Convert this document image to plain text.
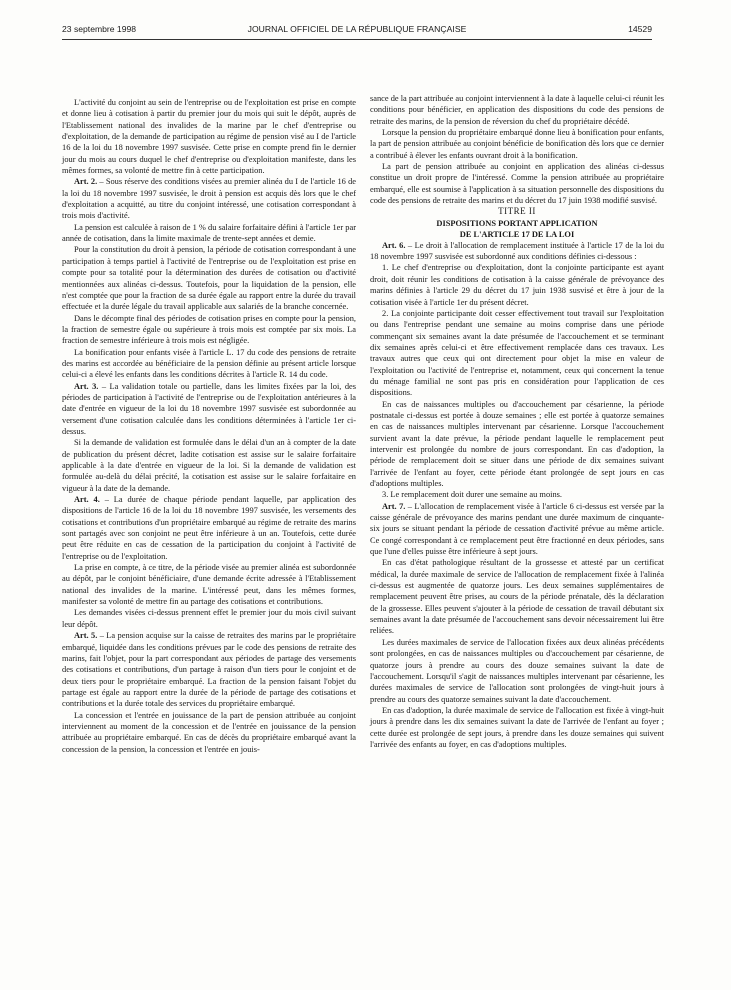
23 septembre 1998	JOURNAL OFFICIEL DE LA RÉPUBLIQUE FRANÇAISE	14529

L'activité du conjoint au sein de l'entreprise ou de l'exploitation est prise en compte et donne lieu à cotisation à partir du premier jour du mois qui suit le dépôt, auprès de l'Etablissement national des invalides de la marine par le chef d'entreprise ou d'exploitation, de la demande de participation au régime de pension visé au I de l'article 16 de la loi du 18 novembre 1997 susvisée. Cette prise en compte prend fin le dernier jour du mois au cours duquel le chef d'entreprise ou d'exploitation manifeste, dans les mêmes formes, sa volonté de mettre fin à cette participation.

Art. 2. – Sous réserve des conditions visées au premier alinéa du I de l'article 16 de la loi du 18 novembre 1997 susvisée, le droit à pension est acquis dès lors que le chef d'exploitation a acquitté, au titre du conjoint intéressé, une cotisation correspondant à trois mois d'activité.

La pension est calculée à raison de 1 % du salaire forfaitaire défini à l'article 1er par année de cotisation, dans la limite maximale de trente-sept années et demie.

Pour la constitution du droit à pension, la période de cotisation correspondant à une participation à temps partiel à l'activité de l'entreprise ou de l'exploitation est prise en compte pour sa totalité pour la détermination des durées de cotisation ou d'activité mentionnées aux alinéas ci-dessus. Toutefois, pour la liquidation de la pension, elle n'est comptée que pour la fraction de sa durée égale au rapport entre la durée du travail effectuée et la durée légale du travail applicable aux salariés de la branche concernée.

Dans le décompte final des périodes de cotisation prises en compte pour la pension, la fraction de semestre égale ou supérieure à trois mois est comptée par six mois. La fraction de semestre inférieure à trois mois est négligée.

La bonification pour enfants visée à l'article L. 17 du code des pensions de retraite des marins est accordée au bénéficiaire de la pension définie au présent article lorsque celui-ci a élevé les enfants dans les conditions décrites à l'article R. 14 du code.

Art. 3. – La validation totale ou partielle, dans les limites fixées par la loi, des périodes de participation à l'activité de l'entreprise ou de l'exploitation antérieures à la date d'entrée en vigueur de la loi du 18 novembre 1997 susvisée est subordonnée au versement d'une cotisation calculée dans les conditions déterminées à l'article 1er ci-dessus.

Si la demande de validation est formulée dans le délai d'un an à compter de la date de publication du présent décret, ladite cotisation est assise sur le salaire forfaitaire applicable à la date d'entrée en vigueur de la loi. Si la demande de validation est formulée au-delà du délai précité, la cotisation est assise sur le salaire forfaitaire en vigueur à la date de la demande.

Art. 4. – La durée de chaque période pendant laquelle, par application des dispositions de l'article 16 de la loi du 18 novembre 1997 susvisée, les versements des cotisations et contributions d'un propriétaire embarqué au régime de retraite des marins sont partagés avec son conjoint ne peut être inférieure à un an. Toutefois, cette durée peut être réduite en cas de cessation de la participation du conjoint à l'activité de l'entreprise ou de l'exploitation.

La prise en compte, à ce titre, de la période visée au premier alinéa est subordonnée au dépôt, par le conjoint bénéficiaire, d'une demande écrite adressée à l'Etablissement national des invalides de la marine. L'intéressé peut, dans les mêmes formes, manifester sa volonté de mettre fin au partage des cotisations et contributions.

Les demandes visées ci-dessus prennent effet le premier jour du mois civil suivant leur dépôt.

Art. 5. – La pension acquise sur la caisse de retraites des marins par le propriétaire embarqué, liquidée dans les conditions prévues par le code des pensions de retraite des marins, fait l'objet, pour la part correspondant aux périodes de partage des versements des cotisations et contributions, d'un partage à raison d'un tiers pour le conjoint et de deux tiers pour le propriétaire embarqué. La fraction de la pension faisant l'objet du partage est égale au rapport entre la durée de la période de partage des cotisations et contributions et la durée totale des services du propriétaire embarqué.

La concession et l'entrée en jouissance de la part de pension attribuée au conjoint interviennent au moment de la concession et de l'entrée en jouissance de la pension attribuée au propriétaire embarqué. En cas de décès du propriétaire embarqué avant la concession de la pension, la concession et l'entrée en jouis-

sance de la part attribuée au conjoint interviennent à la date à laquelle celui-ci réunit les conditions pour bénéficier, en application des dispositions du code des pensions de retraite des marins, de la pension de réversion du chef du propriétaire décédé.

Lorsque la pension du propriétaire embarqué donne lieu à bonification pour enfants, la part de pension attribuée au conjoint bénéficie de bonification dès lors que ce dernier a contribué à élever les enfants ouvrant droit à la bonification.

La part de pension attribuée au conjoint en application des alinéas ci-dessus constitue un droit propre de l'intéressé. Comme la pension attribuée au propriétaire embarqué, elle est soumise à l'application à sa situation personnelle des dispositions du code des pensions de retraite des marins et du décret du 17 juin 1938 modifié susvisé.

TITRE II

DISPOSITIONS PORTANT APPLICATION
DE L'ARTICLE 17 DE LA LOI

Art. 6. – Le droit à l'allocation de remplacement instituée à l'article 17 de la loi du 18 novembre 1997 susvisée est subordonné aux conditions définies ci-dessous :

1. Le chef d'entreprise ou d'exploitation, dont la conjointe participante est ayant droit, doit réunir les conditions de cotisation à la caisse générale de prévoyance des marins définies à l'article 29 du décret du 17 juin 1938 susvisé et être à jour de la cotisation visée à l'article 1er du présent décret.

2. La conjointe participante doit cesser effectivement tout travail sur l'exploitation ou dans l'entreprise pendant une semaine au moins comprise dans une période commençant six semaines avant la date présumée de l'accouchement et se terminant dix semaines après celui-ci et être effectivement remplacée dans ces travaux. Les travaux autres que ceux qui ont directement pour objet la mise en valeur de l'exploitation ou l'activité de l'entreprise et, notamment, ceux qui concernent la tenue du ménage familial ne sont pas pris en considération pour l'application de ces dispositions.

En cas de naissances multiples ou d'accouchement par césarienne, la période postnatale ci-dessus est portée à douze semaines ; elle est portée à quatorze semaines en cas de naissances multiples intervenant par césarienne. Lorsque l'accouchement survient avant la date prévue, la période pendant laquelle le remplacement peut intervenir est prolongée du nombre de jours correspondant. En cas d'adoption, la période de remplacement doit se situer dans une période de dix semaines suivant l'arrivée de l'enfant au foyer, cette période étant prolongée de sept jours en cas d'adoptions multiples.

3. Le remplacement doit durer une semaine au moins.

Art. 7. – L'allocation de remplacement visée à l'article 6 ci-dessus est versée par la caisse générale de prévoyance des marins pendant une durée maximum de cinquante-six jours se situant pendant la période de cessation d'activité prévue au même article. Ce congé correspondant à ce remplacement peut être fractionné en deux périodes, sans que l'une d'elles puisse être inférieure à sept jours.

En cas d'état pathologique résultant de la grossesse et attesté par un certificat médical, la durée maximale de service de l'allocation de remplacement fixée à l'alinéa ci-dessus est augmentée de quatorze jours. Les deux semaines supplémentaires de remplacement peuvent être prises, au cours de la période prénatale, dès la déclaration de la grossesse. Elles peuvent s'ajouter à la période de cessation de travail débutant six semaines avant la date présumée de l'accouchement sans devoir nécessairement lui être reliées.

Les durées maximales de service de l'allocation fixées aux deux alinéas précédents sont prolongées, en cas de naissances multiples ou d'accouchement par césarienne, de quatorze jours à prendre au cours des douze semaines suivant la date de l'accouchement. Lorsqu'il s'agit de naissances multiples intervenant par césarienne, les durées maximales de service de l'allocation sont prolongées de vingt-huit jours à prendre au cours des quatorze semaines suivant la date d'accouchement.

En cas d'adoption, la durée maximale de service de l'allocation est fixée à vingt-huit jours à prendre dans les dix semaines suivant la date de l'arrivée de l'enfant au foyer ; cette durée est prolongée de sept jours, à prendre dans les douze semaines qui suivent l'arrivée des enfants au foyer, en cas d'adoptions multiples.
